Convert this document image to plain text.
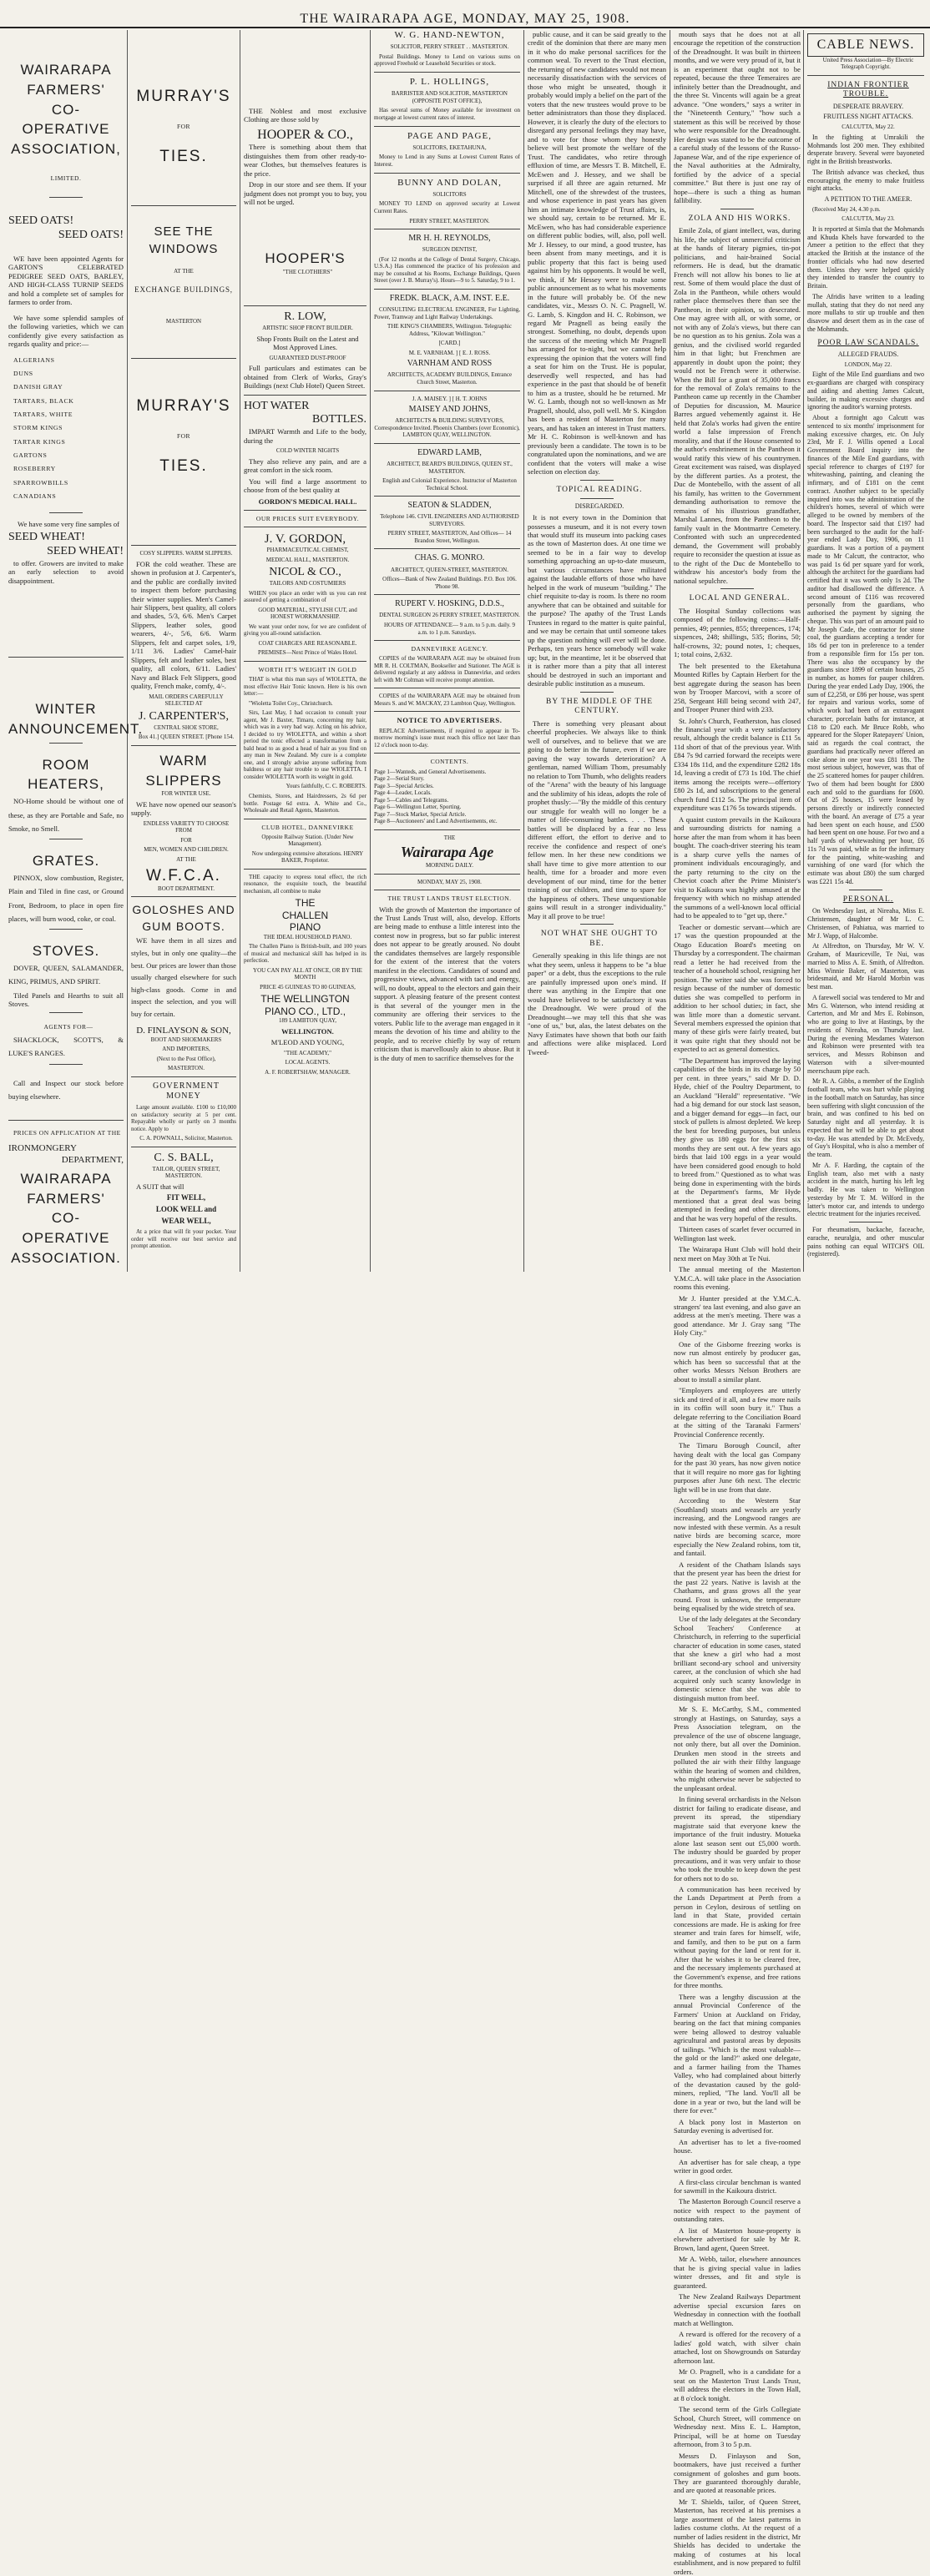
THE WAIRARAPA AGE, MONDAY, MAY 25, 1908.
WAIRARAPA
FARMERS'
CO-OPERATIVE
ASSOCIATION,
LIMITED.
SEED OATS!
SEED OATS!

WE have been appointed Agents for GARTON'S CELEBRATED PEDIGREE SEED OATS, BARLEY, AND HIGH-CLASS TURNIP SEEDS and hold a complete set of samples for farmers to order from.

We have some splendid samples of the following varieties, which we can confidently give every satisfaction as regards quality and price:—

ALGERIANS
DUNS
DANISH GRAY
TARTARS, BLACK
TARTARS, WHITE
STORM KINGS
TARTAR KINGS
GARTONS
ROSEBERRY
SPARROWBILLS
CANADIANS

We have some very fine samples of

SEED WHEAT!
SEED WHEAT!

to offer. Growers are invited to make an early selection to avoid disappointment.

WINTER
ANNOUNCEMENT.
ROOM HEATERS,

NO-Home should be without one of these, as they are Portable and Safe, no Smoke, no Smell.

GRATES.

PINNOX, slow combustion, Register, Plain and Tiled in fine cast, or Ground Front, Bedroom, to place in open fire places, will burn wood, coke, or coal.

STOVES.

DOVER, QUEEN, SALAMANDER, KING, PRIMUS, AND SPIRIT.

Tiled Panels and Hearths to suit all Stoves.

AGENTS FOR—

SHACKLOCK, SCOTT'S, & LUKE'S RANGES.

Call and Inspect our stock before buying elsewhere.

PRICES ON APPLICATION AT THE

IRONMONGERY
DEPARTMENT,
WAIRARAPA
FARMERS'
CO-OPERATIVE
ASSOCIATION.
MURRAY'S
FOR
TIES.
SEE THE WINDOWS
AT THE
EXCHANGE BUILDINGS,
MASTERTON
MURRAY'S
FOR
TIES.

COSY SLIPPERS. WARM SLIPPERS.

FOR the cold weather. These are shown in profusion at J. Carpenter's, and the public are cordially invited to inspect them before purchasing their winter supplies. Men's Camel-hair Slippers, best quality, all colors and shades, 5/3, 6/6. Men's Carpet Slippers, leather soles, good wearers, 4/-, 5/6, 6/6. Warm Slippers, felt and carpet soles, 1/9, 1/11 3/6. Ladies' Camel-hair Slippers, felt and leather soles, best quality, all colors, 6/11. Ladies' Navy and Black Felt Slippers, good quality, French make, comfy, 4/-.

MAIL ORDERS CAREFULLY SELECTED AT

J. CARPENTER'S,

CENTRAL SHOE STORE,

Box 41.] QUEEN STREET. [Phone 154.

WARM
SLIPPERS

FOR WINTER USE.

WE have now opened our season's supply.

ENDLESS VARIETY TO CHOOSE FROM

FOR

MEN, WOMEN AND CHILDREN.

AT THE

W.F.C.A.

BOOT DEPARTMENT.

GOLOSHES AND
GUM BOOTS.

WE have them in all sizes and styles, but in only one quality—the best. Our prices are lower than those usually charged elsewhere for such high-class goods. Come in and inspect the selection, and you will buy for certain.

D. FINLAYSON & SON,

BOOT AND SHOEMAKERS

AND IMPORTERS,

(Next to the Post Office),

MASTERTON.

GOVERNMENT MONEY

Large amount available. £100 to £10,000 on satisfactory security at 5 per cent. Repayable wholly or partly on 3 months notice. Apply to

C. A. POWNALL, Solicitor, Masterton.

C. S. BALL,

TAILOR, QUEEN STREET, MASTERTON.

A SUIT that will

FIT WELL,

LOOK WELL and

WEAR WELL,

At a price that will fit your pocket. Your order will receive our best service and prompt attention.

THE Noblest and most exclusive Clothing are those sold by

HOOPER & CO.,

There is something about them that distinguishes them from other ready-to-wear Clothes, but themselves features is the price.

Drop in our store and see them. If your judgment does not prompt you to buy, you will not be urged.

HOOPER'S

"THE CLOTHIERS"

R. LOW,

ARTISTIC SHOP FRONT BUILDER.

Shop Fronts Built on the Latest and Most Approved Lines.

GUARANTEED DUST-PROOF

Full particulars and estimates can be obtained from Clerk of Works, Gray's Buildings (next Club Hotel) Queen Street.

HOT WATER
BOTTLES.

IMPART Warmth and Life to the body, during the

COLD WINTER NIGHTS

They also relieve any pain, and are a great comfort in the sick room.

You will find a large assortment to choose from of the best quality at

GORDON'S MEDICAL HALL.

OUR PRICES SUIT EVERYBODY.

J. V. GORDON,

PHARMACEUTICAL CHEMIST,

MEDICAL HALL, MASTERTON.

NICOL & CO.,

TAILORS AND COSTUMIERS

WHEN you place an order with us you can rest assured of getting a combination of

GOOD MATERIAL, STYLISH CUT, and HONEST WORKMANSHIP.

We want your order now, for we are confident of giving you all-round satisfaction.

COAT CHARGES ARE REASONABLE.

PREMISES—Next Prince of Wales Hotel.

WORTH IT'S WEIGHT IN GOLD

THAT is what this man says of WIOLETTA, the most effective Hair Tonic known. Here is his own letter:—

"Wioletta Toilet Coy., Christchurch.

Sirs, Last May, I had occasion to consult your agent, Mr J. Baxter, Timaru, concerning my hair, which was in a very bad way. Acting on his advice, I decided to try WIOLETTA, and within a short period the tonic effected a transformation from a bald head to as good a head of hair as you find on any man in New Zealand. My cure is a complete one, and I strongly advise anyone suffering from baldness or any hair trouble to use WIOLETTA. I consider WIOLETTA worth its weight in gold.

Yours faithfully, C. C. ROBERTS.

Chemists, Stores, and Hairdressers, 2s 6d per bottle. Postage 6d extra. A. White and Co., Wholesale and Retail Agents, Masterton.

CLUB HOTEL, DANNEVIRKE

Opposite Railway Station. (Under New Management).

Now undergoing extensive alterations. HENRY BAKER, Proprietor.

THE capacity to express tonal effect, the rich resonance, the exquisite touch, the beautiful mechanism, all combine to make

THE
CHALLEN
PIANO

THE IDEAL HOUSEHOLD PIANO.

The Challen Piano is British-built, and 100 years of musical and mechanical skill has helped in its perfection.

YOU CAN PAY ALL AT ONCE, OR BY THE MONTH

PRICE 45 GUINEAS TO 80 GUINEAS,

THE WELLINGTON PIANO CO., LTD.,

189 LAMBTON QUAY,

WELLINGTON.

M'LEOD AND YOUNG,

"THE ACADEMY,"

LOCAL AGENTS.

A. F. ROBERTSHAW, MANAGER.

W. G. HAND-NEWTON,

SOLICITOR, PERRY STREET . . MASTERTON.

Postal Buildings. Money to Lend on various sums on approved Freehold or Leasehold Securities or stock.

P. L. HOLLINGS,

BARRISTER AND SOLICITOR, MASTERTON (OPPOSITE POST OFFICE),

Has several sums of Money available for investment on mortgage at lowest current rates of interest.

PAGE AND PAGE,

SOLICITORS, EKETAHUNA,

Money to Lend in any Sums at Lowest Current Rates of Interest.

BUNNY AND DOLAN,

SOLICITORS

MONEY TO LEND on approved security at Lowest Current Rates.

PERRY STREET, MASTERTON.

MR H. H. REYNOLDS,

SURGEON DENTIST,

(For 12 months at the College of Dental Surgery, Chicago, U.S.A.) Has commenced the practice of his profession and may be consulted at his Rooms, Exchange Buildings, Queen Street (over J. B. Murray's). Hours—9 to 5. Saturday, 9 to 1.

FREDK. BLACK, A.M. INST. E.E.

CONSULTING ELECTRICAL ENGINEER, For Lighting, Power, Tramway and Light Railway Undertakings.

THE KING'S CHAMBERS, Wellington. Telegraphic Address, "Kilowatt Wellington."

[CARD.]

M. E. VARNHAM. ] [ E. J. ROSS.

VARNHAM AND ROSS

ARCHITECTS, ACADEMY BUILDINGS, Entrance Church Street, Masterton.

J. A. MAISEY. ] [ H. T. JOHNS

MAISEY AND JOHNS,

ARCHITECTS & BUILDING SURVEYORS, Correspondence Invited. Phoenix Chambers (over Economic), LAMBTON QUAY, WELLINGTON.

EDWARD LAMB,

ARCHITECT, BEARD'S BUILDINGS, QUEEN ST., MASTERTON.

English and Colonial Experience. Instructor of Masterton Technical School.

SEATON & SLADDEN,

Telephone 146. CIVIL ENGINEERS AND AUTHORISED SURVEYORS.

PERRY STREET, MASTERTON, And Offices— 14 Brandon Street, Wellington.

CHAS. G. MONRO.

ARCHITECT, QUEEN-STREET, MASTERTON.

Offices—Bank of New Zealand Buildings. P.O. Box 106. 'Phone 98.

RUPERT V. HOSKING, D.D.S.,

DENTAL SURGEON 26 PERRY STREET, MASTERTON.

HOURS OF ATTENDANCE— 9 a.m. to 5 p.m. daily. 9 a.m. to 1 p.m. Saturdays.

DANNEVIRKE AGENCY.

COPIES of the WAIRARAPA AGE may be obtained from MR R. H. COLTMAN, Bookseller and Stationer. The AGE is delivered regularly at any address in Dannevirke, and orders left with Mr Coltman will receive prompt attention.

COPIES of the WAIRARAPA AGE may be obtained from Messrs S. and W. MACKAY, 23 Lambton Quay, Wellington.

NOTICE TO ADVERTISERS.

REPLACE Advertisements, if required to appear in To-morrow morning's issue must reach this office not later than 12 o'clock noon to-day.

CONTENTS.

Page 1—Wanteds, and General Advertisements.
Page 2—Serial Story.
Page 3—Special Articles.
Page 4—Leader, Locals.
Page 5—Cables and Telegrams.
Page 6—Wellington Letter, Sporting.
Page 7—Stock Market, Special Article.
Page 8—Auctioneers' and Land Advertisements, etc.

THE

Wairarapa Age

MORNING DAILY.

MONDAY, MAY 25, 1908.

THE TRUST LANDS TRUST ELECTION.

With the growth of Masterton the importance of the Trust Lands Trust will, also, develop. Efforts are being made to enthuse a little interest into the contest now in progress, but so far public interest does not appear to be greatly aroused. No doubt the candidates themselves are largely responsible for the extent of the interest that the voters manifest in the elections. Candidates of sound and progressive views, advanced with tact and energy, will, no doubt, appeal to the electors and gain their support. A pleasing feature of the present contest is that several of the younger men in the community are offering their services to the voters. Public life to the average man engaged in it means the devotion of his time and ability to the people, and to receive chiefly by way of return criticism that is marvellously akin to abuse. But it is the duty of men to sacrifice themselves for the

public cause, and it can be said greatly to the credit of the dominion that there are many men in it who do make personal sacrifices for the common weal. To revert to the Trust election, the returning of new candidates would not mean necessarily dissatisfaction with the services of those who might be unseated, though it probably would imply a belief on the part of the voters that the new trustees would prove to be better administrators than those they displaced. However, it is clearly the duty of the electors to disregard any personal feelings they may have, and to vote for those whom they honestly believe will best promote the welfare of the Trust. The candidates, who retire through effluxion of time, are Messrs T. B. Mitchell, E. McEwen and J. Hessey, and we shall be surprised if all three are again returned. Mr Mitchell, one of the shrewdest of the trustees, and whose experience in past years has given him an intimate knowledge of Trust affairs, is, we should say, certain to be returned. Mr E. McEwen, who has had considerable experience on different public bodies, will, also, poll well. Mr J. Hessey, to our mind, a good trustee, has been absent from many meetings, and it is public property that this fact is being used against him by his opponents. It would be well, we think, if Mr Hessey were to make some public announcement as to what his movements in the future will probably be. Of the new candidates, viz., Messrs O. N. C. Pragnell, W. G. Lamb, S. Kingdon and H. C. Robinson, we regard Mr Pragnell as being easily the strongest. Something, no doubt, depends upon the success of the meeting which Mr Pragnell has arranged for to-night, but we cannot help expressing the opinion that the voters will find a seat for him on the Trust. He is popular, deservedly well respected, and has had experience in the past that should be of benefit to him as a trustee, should he be returned. Mr W. G. Lamb, though not so well-known as Mr Pragnell, should, also, poll well. Mr S. Kingdon has been a resident of Masterton for many years, and has taken an interest in Trust matters. Mr H. C. Robinson is well-known and has previously been a candidate. The town is to be congratulated upon the nominations, and we are confident that the voters will make a wise selection on election day.

TOPICAL READING.

DISREGARDED.

It is not every town in the Dominion that possesses a museum, and it is not every town that would stuff its museum into packing cases as the town of Masterton does. At one time we seemed to be in a fair way to develop something approaching an up-to-date museum, but various circumstances have militated against the laudable efforts of those who have helped in the work of museum "building." The chief requisite to-day is room. Is there no room anywhere that can be obtained and suitable for the purpose? The apathy of the Trust Lands Trustees in regard to the matter is quite painful, and we may be certain that until someone takes up the question nothing will ever will be done. Perhaps, ten years hence somebody will wake up; but, in the meantime, let it be observed that it is rather more than a pity that all interest should be destroyed in such an important and desirable public institution as a museum.

BY THE MIDDLE OF THE CENTURY.

There is something very pleasant about cheerful prophecies. We always like to think well of ourselves, and to believe that we are going to do better in the future, even if we are paving the way towards deterioration? A gentleman, named William Thom, presumably no relation to Tom Thumb, who delights readers of the "Arena" with the beauty of his language and the sublimity of his ideas, adopts the role of prophet thusly:—"By the middle of this century our struggle for wealth will no longer be a matter of life-consuming battles. . . . These battles will be displaced by a fear no less different effort, the effort to derive and to receive the confidence and respect of one's fellow men. In her these new conditions we shall have time to give more attention to our health, time for a broader and more even development of our mind, time for the better training of our children, and time to spare for the happiness of others. These unquestionable gains will result in a stronger individuality." May it all prove to be true!

NOT WHAT SHE OUGHT TO BE.

Generally speaking in this life things are not what they seem, unless it happens to be "a blue paper" or a debt, thus the exceptions to the rule are painfully impressed upon one's mind. If there was anything in the Empire that one would have believed to be satisfactory it was the Dreadnought. We were proud of the Dreadnought—we may tell this that she was "one of us," but, alas, the latest debates on the Navy Estimates have shown that both our faith and affections were alike misplaced. Lord Tweed-

mouth says that he does not at all encourage the repetition of the construction of the Dreadnought. It was built in thirteen months, and we were very proud of it, but it is an experiment that ought not to be repeated, because the three Temeraires are infinitely better than the Dreadnought, and the three St. Vincents will again be a great advance. "One wonders," says a writer in the "Nineteenth Century," "how such a statement as this will be received by those who were responsible for the Dreadnought. Her design was stated to be the outcome of a careful study of the lessons of the Russo-Japanese War, and of the ripe experience of the Naval authorities at the Admiralty, fortified by the advice of a special committee." But there is just one ray of hope—there is such a thing as human fallibility.

ZOLA AND HIS WORKS.

Emile Zola, of giant intellect, was, during his life, the subject of unmerciful criticism at the hands of literary pigmies, tin-pot politicians, and hair-brained Social reformers. He is dead, but the dramatic French will not allow his bones to lie at rest. Some of them would place the dust of Zola in the Pantheon, while others would rather place themselves there than see the Pantheon, in their opinion, so desecrated. One may agree with all, or with some, or not with any of Zola's views, but there can be no question as to his genius. Zola was a genius, and the civilised world regarded him in that light; but Frenchmen are apparently in doubt upon the point; they would not be French were it otherwise. When the Bill for a grant of 35,000 francs for the removal of Zola's remains to the Pantheon came up recently in the Chamber of Deputies for discussion, M. Maurice Barres argued vehemently against it. He held that Zola's works had given the entire world a false impression of French morality, and that if the House consented to the author's enshrinement in the Pantheon it would ratify this view of his countrymen. Great excitement was raised, was displayed by the different parties. As a protest, the Duc de Montebello, with the assent of all his family, has written to the Government demanding authorisation to remove the remains of his illustrious grandfather, Marshal Lannes, from the Pantheon to the family vault in the Montmartre Cemetery. Confronted with such an unprecedented demand, the Government will probably require to reconsider the question at issue as to the right of the Duc de Montebello to withdraw his ancestor's body from the national sepulchre.

LOCAL AND GENERAL.

The Hospital Sunday collections was composed of the following coins:—Half-pennies, 49; pennies, 855; threepences, 174; sixpences, 248; shillings, 535; florins, 50; half-crowns, 32; pound notes, 1; cheques, 1; total coins, 2,632.

The belt presented to the Eketahuna Mounted Rifles by Captain Herbert for the best aggregate during the season has been won by Trooper Marcovi, with a score of 258, Sergeant Hill being second with 247, and Trooper Pruner third with 233.

St. John's Church, Featherston, has closed the financial year with a very satisfactory result, although the credit balance is £11 5s 11d short of that of the previous year. With £84 7s 9d carried forward the receipts were £334 18s 11d, and the expenditure £282 18s 1d, leaving a credit of £73 1s 10d. The chief items among the receipts were—offertory £80 2s 1d, and subscriptions to the general church fund £112 5s. The principal item of expenditure was £176 5s towards stipends.

A quaint custom prevails in the Kaikoura and surrounding districts for naming a horse after the man from whom it has been bought. The coach-driver steering his team is a sharp curve yells the names of prominent individuals encouragingly, and the party returning to the city on the Cheviot coach after the Prime Minister's visit to Kaikoura was highly amused at the frequency with which no mishap attended the summons of a well-known local official had to be appealed to to "get up, there."

Teacher or domestic servant—which are 17 was the question propounded at the Otago Education Board's meeting on Thursday by a correspondent. The chairman read a letter he had received from the teacher of a household school, resigning her position. The writer said she was forced to resign because of the number of domestic duties she was compelled to perform in addition to her school duties; in fact, she was little more than a domestic servant. Several members expressed the opinion that many of these girls were fairly treated, but it was quite right that they should not be expected to act as general domestics.

"The Department has improved the laying capabilities of the birds in its charge by 50 per cent. in three years," said Mr D. D. Hyde, chief of the Poultry Department, to an Auckland "Herald" representative. "We had a big demand for our stock last season, and a bigger demand for eggs—in fact, our stock of pullets is almost depleted. We keep the best for breeding purposes, but unless they give us 180 eggs for the first six months they are sent out. A few years ago birds that laid 100 eggs in a year would have been considered good enough to hold to breed from." Questioned as to what was being done in experimenting with the birds at the Department's farms, Mr Hyde mentioned that a great deal was being attempted in feeding and other directions, and that he was very hopeful of the results.

Thirteen cases of scarlet fever occurred in Wellington last week.

The Wairarapa Hunt Club will hold their next meet on May 30th at Te Nui.

The annual meeting of the Masterton Y.M.C.A. will take place in the Association rooms this evening.

Mr J. Hunter presided at the Y.M.C.A. strangers' tea last evening, and also gave an address at the men's meeting. There was a good attendance. Mr J. Gray sang "The Holy City."

One of the Gisborne freezing works is now run almost entirely by producer gas, which has been so successful that at the other works Messrs Nelson Brothers are about to install a similar plant.

"Employers and employees are utterly sick and tired of it all, and a few more nails in its coffin will soon bury it." Thus a delegate referring to the Conciliation Board at the sitting of the Taranaki Farmers' Provincial Conference recently.

The Timaru Borough Council, after having dealt with the local gas Company for the past 30 years, has now given notice that it will require no more gas for lighting purposes after June 6th next. The electric light will be in use from that date.

According to the Western Star (Southland) stoats and weasels are yearly increasing, and the Longwood ranges are now infested with these vermin. As a result native birds are becoming scarce, more especially the New Zealand robins, tom tit, and fantail.

A resident of the Chatham Islands says that the present year has been the driest for the past 22 years. Native is lavish at the Chathams, and grass grows all the year round. Frost is unknown, the temperature being equalised by the wide stretch of sea.

Use of the lady delegates at the Secondary School Teachers' Conference at Christchurch, in referring to the superficial character of education in some cases, stated that she knew a girl who had a most brilliant second-ary school and university career, at the conclusion of which she had acquired only such scanty knowledge in domestic science that she was able to distinguish mutton from beef.

Mr S. E. McCarthy, S.M., commented strongly at Hastings, on Saturday, says a Press Association telegram, on the prevalence of the use of obscene language, not only there, but all over the Dominion. Drunken men stood in the streets and polluted the air with their filthy language within the hearing of women and children, who might otherwise never be subjected to the unpleasant ordeal.

In fining several orchardists in the Nelson district for failing to eradicate disease, and prevent its spread, the stipendiary magistrate said that everyone knew the importance of the fruit industry. Motueka alone last season sent out £5,000 worth. The industry should be guarded by proper precautions, and it was very unfair to those who took the trouble to keep down the pest for others not to do so.

A communication has been received by the Lands Department at Perth from a person in Ceylon, desirous of settling on land in that State, provided certain concessions are made. He is asking for free steamer and train fares for himself, wife, and family, and then to be put on a farm without paying for the land or rent for it. After that he wishes it to be cleared free, and the necessary implements purchased at the Government's expense, and free rations for three months.

There was a lengthy discussion at the annual Provincial Conference of the Farmers' Union at Auckland on Friday, bearing on the fact that mining companies were being allowed to destroy valuable agricultural and pastoral areas by deposits of tailings. "Which is the most valuable—the gold or the land?" asked one delegate, and a farmer hailing from the Thames Valley, who had complained about bitterly of the devastation caused by the gold-miners, replied, "The land. You'll all be done in a year or two, but the land will be there for ever."

A black pony lost in Masterton on Saturday evening is advertised for.

An advertiser has to let a five-roomed house.

An advertiser has for sale cheap, a type writer in good order.

A first-class circular benchman is wanted for sawmill in the Kaikoura district.

The Masterton Borough Council reserve a notice with respect to the payment of outstanding rates.

A list of Masterton house-property is elsewhere advertised for sale by Mr R. Brown, land agent, Queen Street.

Mr A. Webb, tailor, elsewhere announces that he is giving special value in ladies winter dresses, and fit and style is guaranteed.

The New Zealand Railways Department advertise special excursion fares on Wednesday in connection with the football match at Wellington.

A reward is offered for the recovery of a ladies' gold watch, with silver chain attached, lost on Showgrounds on Saturday afternoon last.

Mr O. Pragnell, who is a candidate for a seat on the Masterton Trust Lands Trust, will address the electors in the Town Hall, at 8 o'clock tonight.

The second term of the Girls Collegiate School, Church Street, will commence on Wednesday next. Miss E. L. Hampton, Principal, will be at home on Tuesday afternoon, from 3 to 5 p.m.

Messrs D. Finlayson and Son, bootmakers, have just received a further consignment of goloshes and gum boots. They are guaranteed thoroughly durable, and are quoted at reasonable prices.

Mr T. Shields, tailor, of Queen Street, Masterton, has received at his premises a large assortment of the latest patterns in ladies costume cloths. At the request of a number of ladies resident in the district, Mr Shields has decided to undertake the making of costumes at his local establishment, and is now prepared to fulfil orders.

CABLE NEWS.

United Press Association—By Electric Telegraph Copyright.

INDIAN FRONTIER TROUBLE.

DESPERATE BRAVERY.

FRUITLESS NIGHT ATTACKS.

CALCUTTA, May 22.

In the fighting at Umrakili the Mohmands lost 200 men. They exhibited desperate bravery. Several were bayoneted right in the British breastworks.

The British advance was checked, thus encouraging the enemy to make fruitless night attacks.

A PETITION TO THE AMEER.

(Received May 24, 4.30 p.m.

CALCUTTA, May 23.

It is reported at Simla that the Mohmands and Khuda Khels have forwarded to the Ameer a petition to the effect that they attacked the British at the instance of the frontier officials who had now deserted them. Unless they were helped quickly they intended to transfer the country to Britain.

The Afridis have written to a leading mullah, stating that they do not need any more mullahs to stir up trouble and then disavow and desert them as in the case of the Mohmands.

POOR LAW SCANDALS.

ALLEGED FRAUDS.

LONDON, May 22.

Eight of the Mile End guardians and two ex-guardians are charged with conspiracy and aiding and abetting James Calcutt, builder, in making excessive charges and ignoring the auditor's warning protests.

About a fortnight ago Calcutt was sentenced to six months' imprisonment for making excessive charges, etc. On July 23rd, Mr F. J. Willis opened a Local Government Board inquiry into the finances of the Mile End guardians, with special reference to charges of £197 for whitewashing, painting, and cleaning the infirmary, and of £181 on the cemt contract. Another subject to be specially inquired into was the administration of the children's homes, several of which were alleged to be owned by members of the board. The Inspector said that £197 had been surcharged to the audit for the half-year ended Lady Day, 1906, on 11 guardians. It was a portion of a payment made to Mr Calcutt, the contractor, who was paid 1s 6d per square yard for work, although the architect for the guardians had certified that it was worth only 1s 2d. The auditor had disallowed the difference. A second amount of £116 was recovered personally from the guardians, who authorised the payment by signing the cheque. This was part of an amount paid to Mr Joseph Cade, the contractor for stone coal, the guardians accepting a tender for 18s 6d per ton in preference to a tender from a responsible firm for 15s per ton. There was also the occupancy by the guardians since 1899 of certain houses, 25 in number, as homes for pauper children. During the year ended Lady Day, 1906, the sum of £2,258, or £86 per house, was spent for repairs and various works, some of which work had been of an extravagant character, porcelain baths for instance, at £18 to £20 each. Mr Bruce Robb, who appeared for the Sloper Ratepayers' Union, said as regards the coal contract, the guardians had practically never offered an coke alone in one year was £81 18s. The most serious subject, however, was that of the 25 scattered homes for pauper children. Two of them had been bought for £800 each and sold to the guardians for £600. Out of 25 houses, 15 were leased by persons directly or indirectly connected with the board. An average of £75 a year had been spent on each house, and £500 had been spent on one house. For two and a half yards of whitewashing per hour, £6 11s 7d was paid, while as for the infirmary for the painting, white-washing and varnishing of one ward (for which the estimate was about £80) the sum charged was £221 15s 4d.

PERSONAL.

On Wednesday last, at Nireaha, Miss E. Christensen, daughter of Mr L. C. Christensen, of Pahiatua, was married to Mr J. Wapp, of Halcombe.

At Alfredton, on Thursday, Mr W. V. Graham, of Mauriceville, Te Nui, was married to Miss A. E. Smith, of Alfredton. Miss Winnie Baker, of Masterton, was bridesmaid, and Mr Harold Morbin was best man.

A farewell social was tendered to Mr and Mrs G. Waterson, who intend residing at Carterton, and Mr and Mrs E. Robinson, who are going to live at Hastings, by the residents of Nireaha, on Thursday last. During the evening Mesdames Waterson and Robinson were presented with tea services, and Messrs Robinson and Waterson with a silver-mounted meerschaum pipe each.

Mr R. A. Gibbs, a member of the English football team, who was hurt while playing in the football match on Saturday, has since been suffering with slight concussion of the brain, and was confined to his bed on Saturday night and all yesterday. It is expected that he will be able to get about to-day. He was attended by Dr. McEvedy, of Guy's Hospital, who is also a member of the team.

Mr A. F. Harding, the captain of the English team, also met with a nasty accident in the match, hurting his left leg badly. He was taken to Wellington yesterday by Mr T. M. Wilford in the latter's motor car, and intends to undergo electric treatment for the injuries received.

For rheumatism, backache, faceache, earache, neuralgia, and other muscular pains nothing can equal WITCH'S OIL (registered).
